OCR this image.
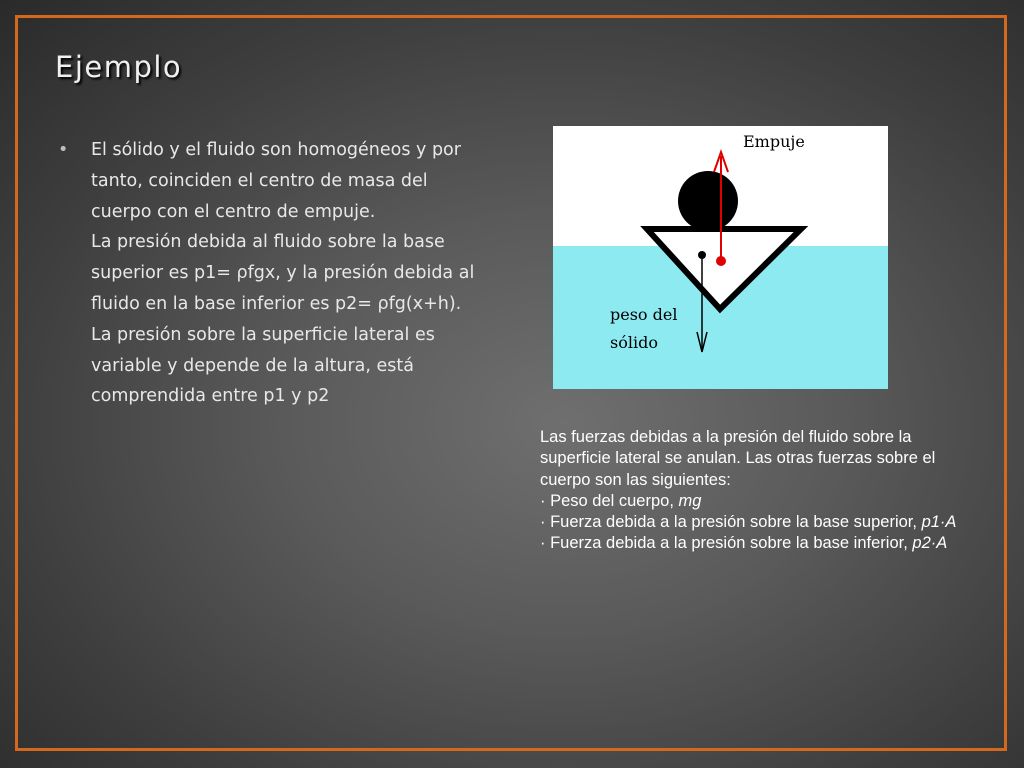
Ejemplo
• El sólido y el fluido son homogéneos y por tanto, coinciden el centro de masa del cuerpo con el centro de empuje.

La presión debida al fluido sobre la base superior es p1= ρfgx, y la presión debida al fluido en la base inferior es p2= ρfg(x+h). La presión sobre la superficie lateral es variable y depende de la altura, está comprendida entre p1 y p2

Empuje
peso del
sólido

Las fuerzas debidas a la presión del fluido sobre la superficie lateral se anulan. Las otras fuerzas sobre el cuerpo son las siguientes:

· Peso del cuerpo, mg

· Fuerza debida a la presión sobre la base superior, p1·A

· Fuerza debida a la presión sobre la base inferior, p2·A
